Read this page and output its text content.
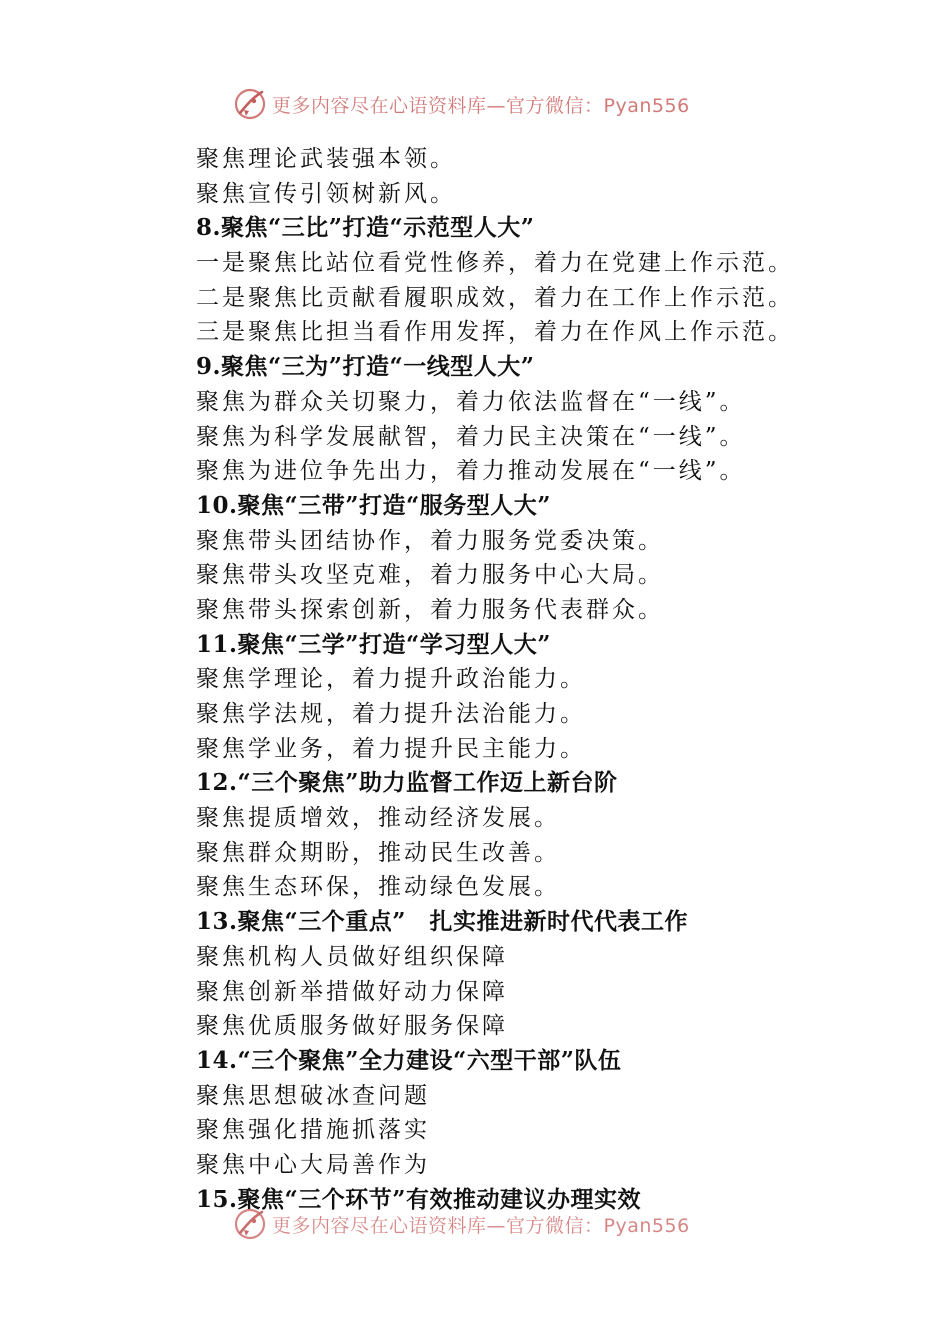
更多内容尽在心语资料库—官方微信：Pyan556
聚焦理论武装强本领。
聚焦宣传引领树新风。
8.聚焦“三比”打造“示范型人大”
一是聚焦比站位看党性修养，着力在党建上作示范。
二是聚焦比贡献看履职成效，着力在工作上作示范。
三是聚焦比担当看作用发挥，着力在作风上作示范。
9.聚焦“三为”打造“一线型人大”
聚焦为群众关切聚力，着力依法监督在“一线”。
聚焦为科学发展献智，着力民主决策在“一线”。
聚焦为进位争先出力，着力推动发展在“一线”。
10.聚焦“三带”打造“服务型人大”
聚焦带头团结协作，着力服务党委决策。
聚焦带头攻坚克难，着力服务中心大局。
聚焦带头探索创新，着力服务代表群众。
11.聚焦“三学”打造“学习型人大”
聚焦学理论，着力提升政治能力。
聚焦学法规，着力提升法治能力。
聚焦学业务，着力提升民主能力。
12.“三个聚焦”助力监督工作迈上新台阶
聚焦提质增效，推动经济发展。
聚焦群众期盼，推动民生改善。
聚焦生态环保，推动绿色发展。
13.聚焦“三个重点”　扎实推进新时代代表工作
聚焦机构人员做好组织保障
聚焦创新举措做好动力保障
聚焦优质服务做好服务保障
14.“三个聚焦”全力建设“六型干部”队伍
聚焦思想破冰查问题
聚焦强化措施抓落实
聚焦中心大局善作为
15.聚焦“三个环节”有效推动建议办理实效
更多内容尽在心语资料库—官方微信：Pyan556
